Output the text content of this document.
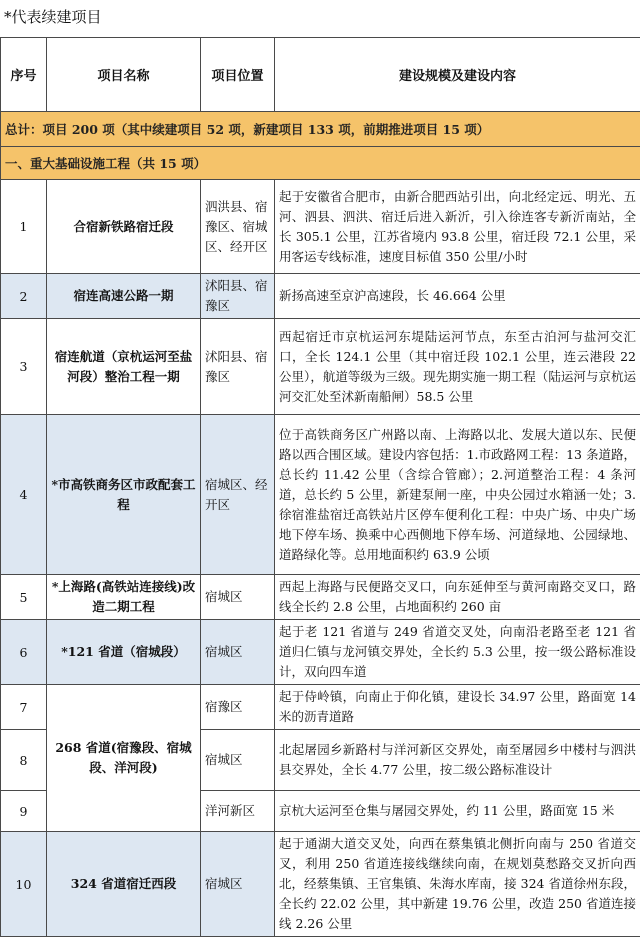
*代表续建项目
序号	项目名称	项目位置	建设规模及建设内容
总计：项目 200 项（其中续建项目 52 项，新建项目 133 项，前期推进项目 15 项）			
一、重大基础设施工程（共 15 项）			
1	合宿新铁路宿迁段	泗洪县、宿豫区、宿城区、经开区	起于安徽省合肥市，由新合肥西站引出，向北经定远、明光、五河、泗县、泗洪、宿迁后进入新沂，引入徐连客专新沂南站，全长 305.1 公里，江苏省境内 93.8 公里，宿迁段 72.1 公里，采用客运专线标准，速度目标值 350 公里/小时
2	宿连高速公路一期	沭阳县、宿豫区	新扬高速至京沪高速段，长 46.664 公里
3	宿连航道（京杭运河至盐河段）整治工程一期	沭阳县、宿豫区	西起宿迁市京杭运河东堤陆运河节点，东至古泊河与盐河交汇口，全长 124.1 公里（其中宿迁段 102.1 公里，连云港段 22 公里），航道等级为三级。现先期实施一期工程（陆运河与京杭运河交汇处至沭新南船闸）58.5 公里
4	*市高铁商务区市政配套工程	宿城区、经开区	位于高铁商务区广州路以南、上海路以北、发展大道以东、民便路以西合围区域。建设内容包括：1.市政路网工程：13 条道路，总长约 11.42 公里（含综合管廊）；2.河道整治工程：4 条河道，总长约 5 公里，新建泵闸一座，中央公园过水箱涵一处；3.徐宿淮盐宿迁高铁站片区停车便利化工程：中央广场、中央广场地下停车场、换乘中心西侧地下停车场、河道绿地、公园绿地、道路绿化等。总用地面积约 63.9 公顷
5	*上海路(高铁站连接线)改造二期工程	宿城区	西起上海路与民便路交叉口，向东延伸至与黄河南路交叉口，路线全长约 2.8 公里，占地面积约 260 亩
6	*121 省道（宿城段）	宿城区	起于老 121 省道与 249 省道交叉处，向南沿老路至老 121 省道归仁镇与龙河镇交界处，全长约 5.3 公里，按一级公路标准设计，双向四车道
7	268 省道(宿豫段、宿城段、洋河段)	宿豫区	起于侍岭镇，向南止于仰化镇，建设长 34.97 公里，路面宽 14 米的沥青道路
8		宿城区	北起屠园乡新路村与洋河新区交界处，南至屠园乡中楼村与泗洪县交界处，全长 4.77 公里，按二级公路标准设计
9		洋河新区	京杭大运河至仓集与屠园交界处，约 11 公里，路面宽 15 米
10	324 省道宿迁西段	宿城区	起于通湖大道交叉处，向西在蔡集镇北侧折向南与 250 省道交叉，利用 250 省道连接线继续向南，在规划莫愁路交叉折向西北，经蔡集镇、王官集镇、朱海水库南，接 324 省道徐州东段，全长约 22.02 公里，其中新建 19.76 公里，改造 250 省道连接线 2.26 公里
